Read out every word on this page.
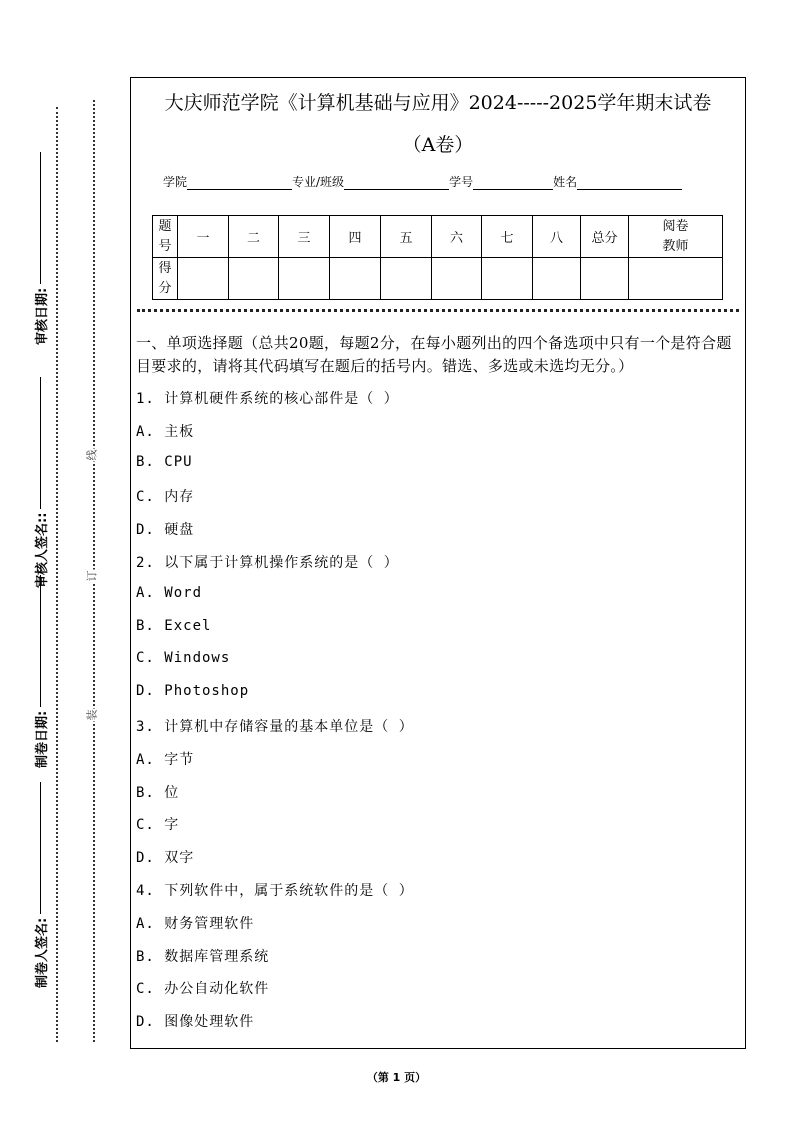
审核日期:
审核人签名::
制卷日期:
制卷人签名:
线
订
装
大庆师范学院《计算机基础与应用》2024-----2025学年期末试卷
（A卷）
学院	专业/班级	学号	姓名
题号	一	二	三	四	五	六	七	八	总分	阅卷教师
得分										
一、单项选择题（总共20题，每题2分，在每小题列出的四个备选项中只有一个是符合题目要求的，请将其代码填写在题后的括号内。错选、多选或未选均无分。）
1. 计算机硬件系统的核心部件是（ ）
A. 主板
B. CPU
C. 内存
D. 硬盘
2. 以下属于计算机操作系统的是（ ）
A. Word
B. Excel
C. Windows
D. Photoshop
3. 计算机中存储容量的基本单位是（ ）
A. 字节
B. 位
C. 字
D. 双字
4. 下列软件中，属于系统软件的是（ ）
A. 财务管理软件
B. 数据库管理系统
C. 办公自动化软件
D. 图像处理软件
（第 1 页）
